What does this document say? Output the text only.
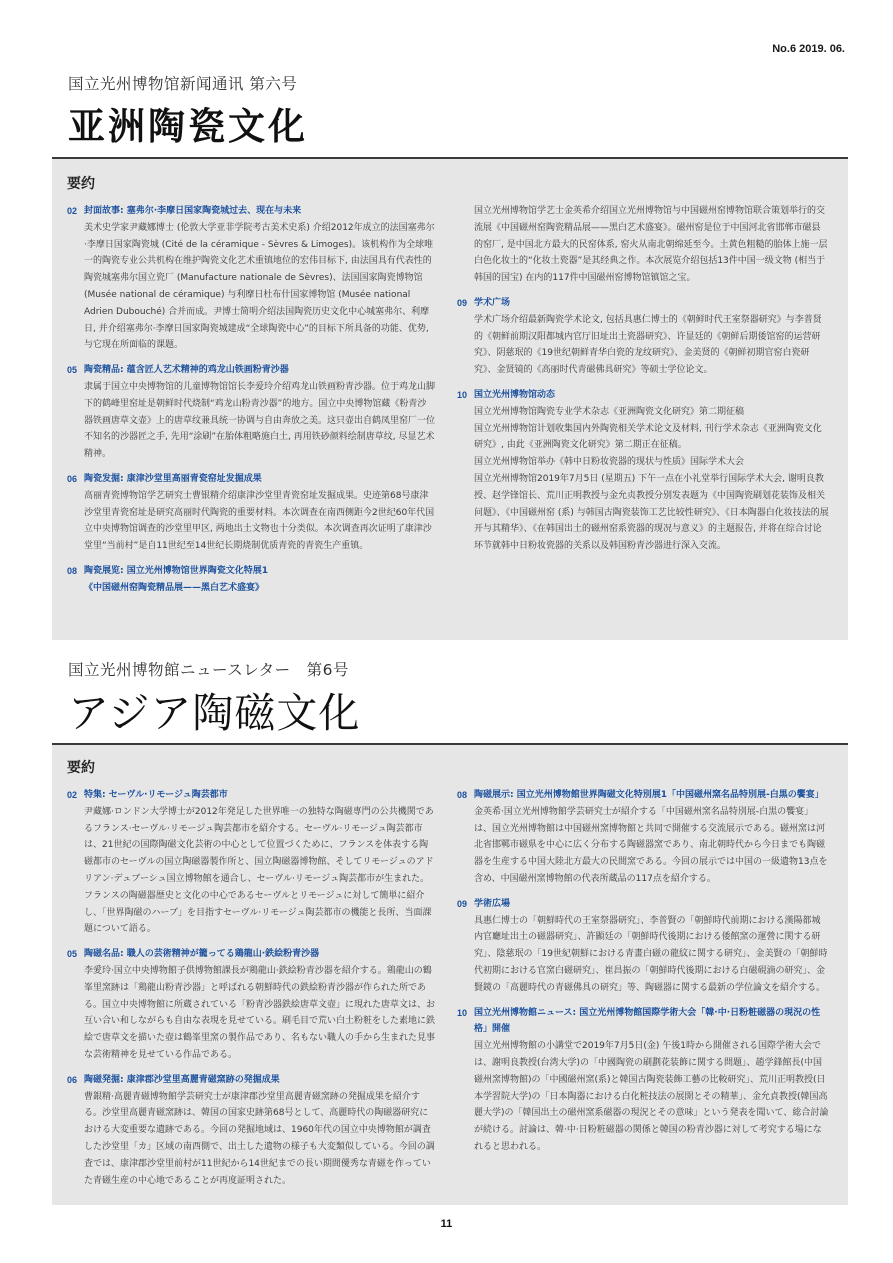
No.6 2019. 06.
国立光州博物馆新闻通讯 第六号
亚洲陶瓷文化
要约
02 封面故事: 塞弗尔·李摩日国家陶瓷城过去、现在与未来
美术史学家尹藏娜博士 (伦敦大学亚非学院考古美术史系) 介绍2012年成立的法国塞弗尔·李摩日国家陶瓷城 (Cité de la céramique - Sèvres & Limoges)。该机构作为全球唯一的陶瓷专业公共机构在维护陶瓷文化艺术重镇地位的宏伟目标下, 由法国具有代表性的陶瓷城塞弗尔国立瓷厂 (Manufacture nationale de Sèvres)、法国国家陶瓷博物馆 (Musée national de céramique) 与利摩日杜布什国家博物馆 (Musée national Adrien Dubouché) 合并而成。尹博士简明介绍法国陶瓷历史文化中心城塞弗尔、利摩日, 并介绍塞弗尔·李摩日国家陶瓷城建成“全球陶瓷中心”的目标下所具备的功能、优势, 与它现在所面临的课题。
05 陶瓷精品: 蕴含匠人艺术精神的鸡龙山铁画粉青沙器
隶属于国立中央博物馆的儿童博物馆馆长李爱玲介绍鸡龙山铁画粉青沙器。位于鸡龙山脚下的鹤峰里窑址是朝鲜时代烧制“鸡龙山粉青沙器”的地方。国立中央博物馆藏《粉青沙器铁画唐草文壶》上的唐草纹兼具统一协调与自由奔放之美。这只壶出自鹤凤里窑厂一位不知名的沙器匠之手, 先用“涂刷”在胎体粗略施白土, 再用铁砂颜料绘制唐草纹, 尽显艺术精神。
06 陶瓷发掘: 康津沙堂里高丽青瓷窑址发掘成果
高丽青瓷博物馆学艺研究士曹银精介绍康津沙堂里青瓷窑址发掘成果。史迹第68号康津沙堂里青瓷窑址是研究高丽时代陶瓷的重要材料。本次调查在南西侧距今2世纪60年代国立中央博物馆调查的沙堂里甲区, 两地出土文物也十分类似。本次调查再次证明了康津沙堂里“当前村”是自11世纪至14世纪长期烧制优质青瓷的青瓷生产重镇。
08 陶瓷展览: 国立光州博物馆世界陶瓷文化特展1
《中国磁州窑陶瓷精品展——黑白艺术盛宴》
国立光州博物馆学艺士金英希介绍国立光州博物馆与中国磁州窑博物馆联合策划举行的交流展《中国磁州窑陶瓷精品展——黑白艺术盛宴》。磁州窑是位于中国河北省邯郸市磁县的窑厂, 是中国北方最大的民窑体系, 窑火从南北朝绵延至今。土黄色粗糙的胎体上施一层白色化妆土的“化妆土瓷器”是其经典之作。本次展览介绍包括13件中国一级文物 (相当于韩国的国宝) 在内的117件中国磁州窑博物馆镇馆之宝。
09 学术广场
学术广场介绍最新陶瓷学术论文, 包括具惠仁博士的《朝鲜时代王室祭器研究》与李普贤的《朝鲜前期汉阳都城内官厅旧址出土瓷器研究》、许显廷的《朝鲜后期倭馆窑的运营研究》、阴慈珉的《19世纪朝鲜青华白瓷的龙纹研究》、金美贤的《朝鲜初期官窑白瓷研究》、金贤镜的《高丽时代青磁佛具研究》等硕士学位论文。
10 国立光州博物馆动态
国立光州博物馆陶瓷专业学术杂志《亚洲陶瓷文化研究》第二期征稿
国立光州博物馆计划收集国内外陶瓷相关学术论文及材料, 刊行学术杂志《亚洲陶瓷文化研究》, 由此《亚洲陶瓷文化研究》第二期正在征稿。
国立光州博物馆举办《韩中日粉妆瓷器的现状与性质》国际学术大会
国立光州博物馆2019年7月5日 (星期五) 下午一点在小礼堂举行国际学术大会, 谢明良教授、赵学锋馆长、荒川正明教授与金允贞教授分别发表题为《中国陶瓷刷划花装饰及相关问题》、《中国磁州窑 (系) 与韩国古陶瓷装饰工艺比较性研究》、《日本陶器白化妆技法的展开与其精华》、《在韩国出土的磁州窑系瓷器的现况与意义》的主题报告, 并将在综合讨论环节就韩中日粉妆瓷器的关系以及韩国粉青沙器进行深入交流。
国立光州博物館ニュースレター　第6号
アジア陶磁文化
要約
02 特集: セーヴル·リモージュ陶芸都市
尹藏娜·ロンドン大学博士が2012年発足した世界唯一の独特な陶磁専門の公共機関であるフランス·セーヴル·リモージュ陶芸都市を紹介する。セーヴル·リモージュ陶芸都市は、21世紀の国際陶磁文化芸術の中心として位置づくために、フランスを体表する陶磁都市のセーヴルの国立陶磁器製作所と、国立陶磁器博物館、そしてリモージュのアドリアン·デュブーシュ国立博物館を通合し、セーヴル·リモージュ陶芸都市が生まれた。フランスの陶磁器歴史と文化の中心であるセーヴルとリモージュに対して簡単に紹介し、「世界陶磁のハーブ」を目指すセーヴル·リモージュ陶芸都市の機能と長所、当面課題について語る。
05 陶磁名品: 職人の芸術精神が籠ってる鶏龍山·鉄絵粉青沙器
李愛玲·国立中央博物館子供博物館課長が鶏龍山·鉄絵粉青沙器を紹介する。鶏龍山の鶴峯里窯跡は「鶏龍山粉青沙器」と呼ばれる朝鮮時代の鉄絵粉青沙器が作られた所である。国立中央博物館に所蔵されている「粉青沙器鉄絵唐草文壺」に現れた唐草文は、お互い合い和しながらも自由な表現を見せている。刷毛目で荒い白土粉粧をした素地に鉄絵で唐草文を描いた壺は鶴峯里窯の製作品であり、名もない職人の手から生まれた見事な芸術精神を見せている作品である。
06 陶磁発掘: 康津郡沙堂里高麗青磁窯跡の発掘成果
曹銀精·高麗青磁博物館学芸研究士が康津郡沙堂里高麗青磁窯跡の発掘成果を紹介する。沙堂里高麗青磁窯跡は、韓国の国家史跡第68号として、高麗時代の陶磁器研究における大変重要な遺跡である。今回の発掘地域は、1960年代の国立中央博物館が調査した沙堂里「カ」区域の南西側で、出土した遺物の様子も大変類似している。今回の調査では、康津郡沙堂里前村が11世紀から14世紀までの長い期間優秀な青磁を作っていた青磁生産の中心地であることが再度証明された。
08 陶磁展示: 国立光州博物館世界陶磁文化特別展1「中国磁州窯名品特別展-白黒の饗宴」
金英希·国立光州博物館学芸研究士が紹介する「中国磁州窯名品特別展-白黒の饗宴」は、国立光州博物館は中国磁州窯博物館と共同で開催する交流展示である。磁州窯は河北省邯鄲市磁県を中心に広く分布する陶磁器窯であり、南北朝時代から今日までも陶磁器を生産する中国大陸北方最大の民間窯である。今回の展示では中国の一級遺物13点を含め、中国磁州窯博物館の代表所蔵品の117点を紹介する。
09 学術広場
具惠仁博士の「朝鮮時代の王室祭器研究」、李普賢の「朝鮮時代前期における漢陽都城内官廳址出土の磁器研究」、許顯廷の「朝鮮時代後期における倭館窯の運營に関する研究」、陰慈珉の「19世紀朝鮮における青畫白磁の龍紋に関する研究」、金美賢の「朝鮮時代初期における官窯白磁研究」、崔昌振の「朝鮮時代後期における白磁硯滴の研究」、金賢鏡の「高麗時代の青磁佛具の研究」等、陶磁器に関する最新の学位論文を紹介する。
10 国立光州博物館ニュース: 国立光州博物館国際学術大会「韓·中·日粉粧磁器の現況の性格」開催
国立光州博物館の小講堂で2019年7月5日(金) 午後1時から開催される国際学術大会では、謝明良教授(台湾大学)の「中國陶瓷の刷劃花装飾に関する問題」、趙学鋒館長(中国磁州窯博物館)の「中國磁州窯(系)と韓国古陶瓷装飾工藝の比較研究」、荒川正明教授(日本学習院大学)の「日本陶器における白化粧技法の展開とその精華」、金允貞教授(韓国高麗大学)の「韓国出土の磁州窯系磁器の現況とその意味」という発表を聞いて、総合討論が続ける。討論は、韓·中·日粉粧磁器の関係と韓国の粉青沙器に対して考究する場になれると思われる。
11
